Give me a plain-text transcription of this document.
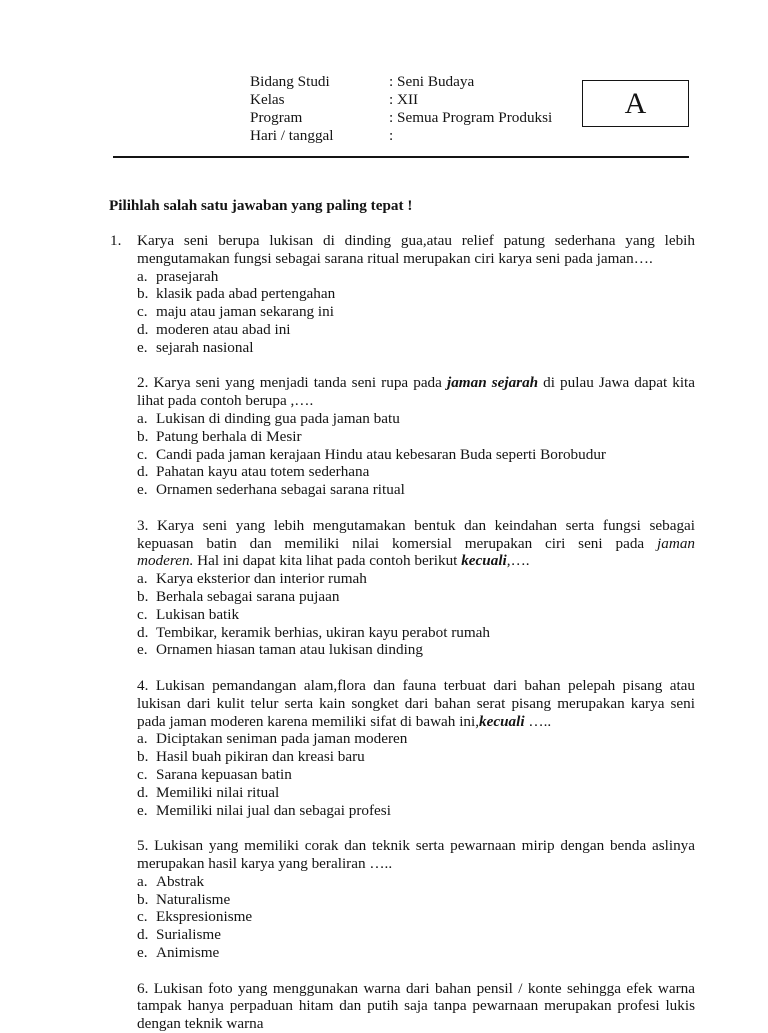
Bidang Studi	: Seni Budaya
Kelas	: XII
Program	: Semua Program Produksi
Hari / tanggal	:
A
Pilihlah salah satu jawaban yang paling tepat !
1.	Karya seni berupa lukisan di dinding gua,atau relief patung sederhana yang lebih
mengutamakan fungsi sebagai sarana ritual merupakan ciri karya seni pada jaman….
a. prasejarah
b. klasik pada abad pertengahan
c. maju atau jaman sekarang ini
d. moderen atau abad ini
e. sejarah nasional
2. Karya seni yang menjadi tanda seni rupa pada jaman sejarah di pulau Jawa dapat kita
lihat pada contoh berupa ,….
a. Lukisan di dinding gua pada jaman batu
b. Patung berhala di Mesir
c. Candi pada jaman kerajaan Hindu atau kebesaran Buda seperti Borobudur
d. Pahatan kayu atau totem sederhana
e. Ornamen sederhana sebagai sarana ritual
3. Karya seni yang lebih mengutamakan bentuk dan keindahan serta fungsi sebagai
kepuasan batin dan memiliki nilai komersial merupakan ciri seni pada jaman
moderen. Hal ini dapat kita lihat pada contoh berikut kecuali,….
a. Karya eksterior dan interior rumah
b. Berhala sebagai sarana pujaan
c. Lukisan batik
d. Tembikar, keramik berhias, ukiran kayu perabot rumah
e. Ornamen hiasan taman atau lukisan dinding
4. Lukisan pemandangan alam,flora dan fauna terbuat dari bahan pelepah pisang atau
lukisan dari kulit telur serta kain songket dari bahan serat pisang merupakan karya seni
pada jaman moderen karena memiliki sifat di bawah ini,kecuali …..
a. Diciptakan seniman pada jaman moderen
b. Hasil buah pikiran dan kreasi baru
c. Sarana kepuasan batin
d. Memiliki nilai ritual
e. Memiliki nilai jual dan sebagai profesi
5. Lukisan yang memiliki corak dan teknik serta pewarnaan mirip dengan benda aslinya
merupakan hasil karya yang beraliran …..
a. Abstrak
b. Naturalisme
c. Ekspresionisme
d. Surialisme
e. Animisme
6. Lukisan foto yang menggunakan warna dari bahan pensil / konte sehingga efek warna
tampak hanya perpaduan hitam dan putih saja tanpa pewarnaan merupakan profesi lukis
dengan teknik warna
